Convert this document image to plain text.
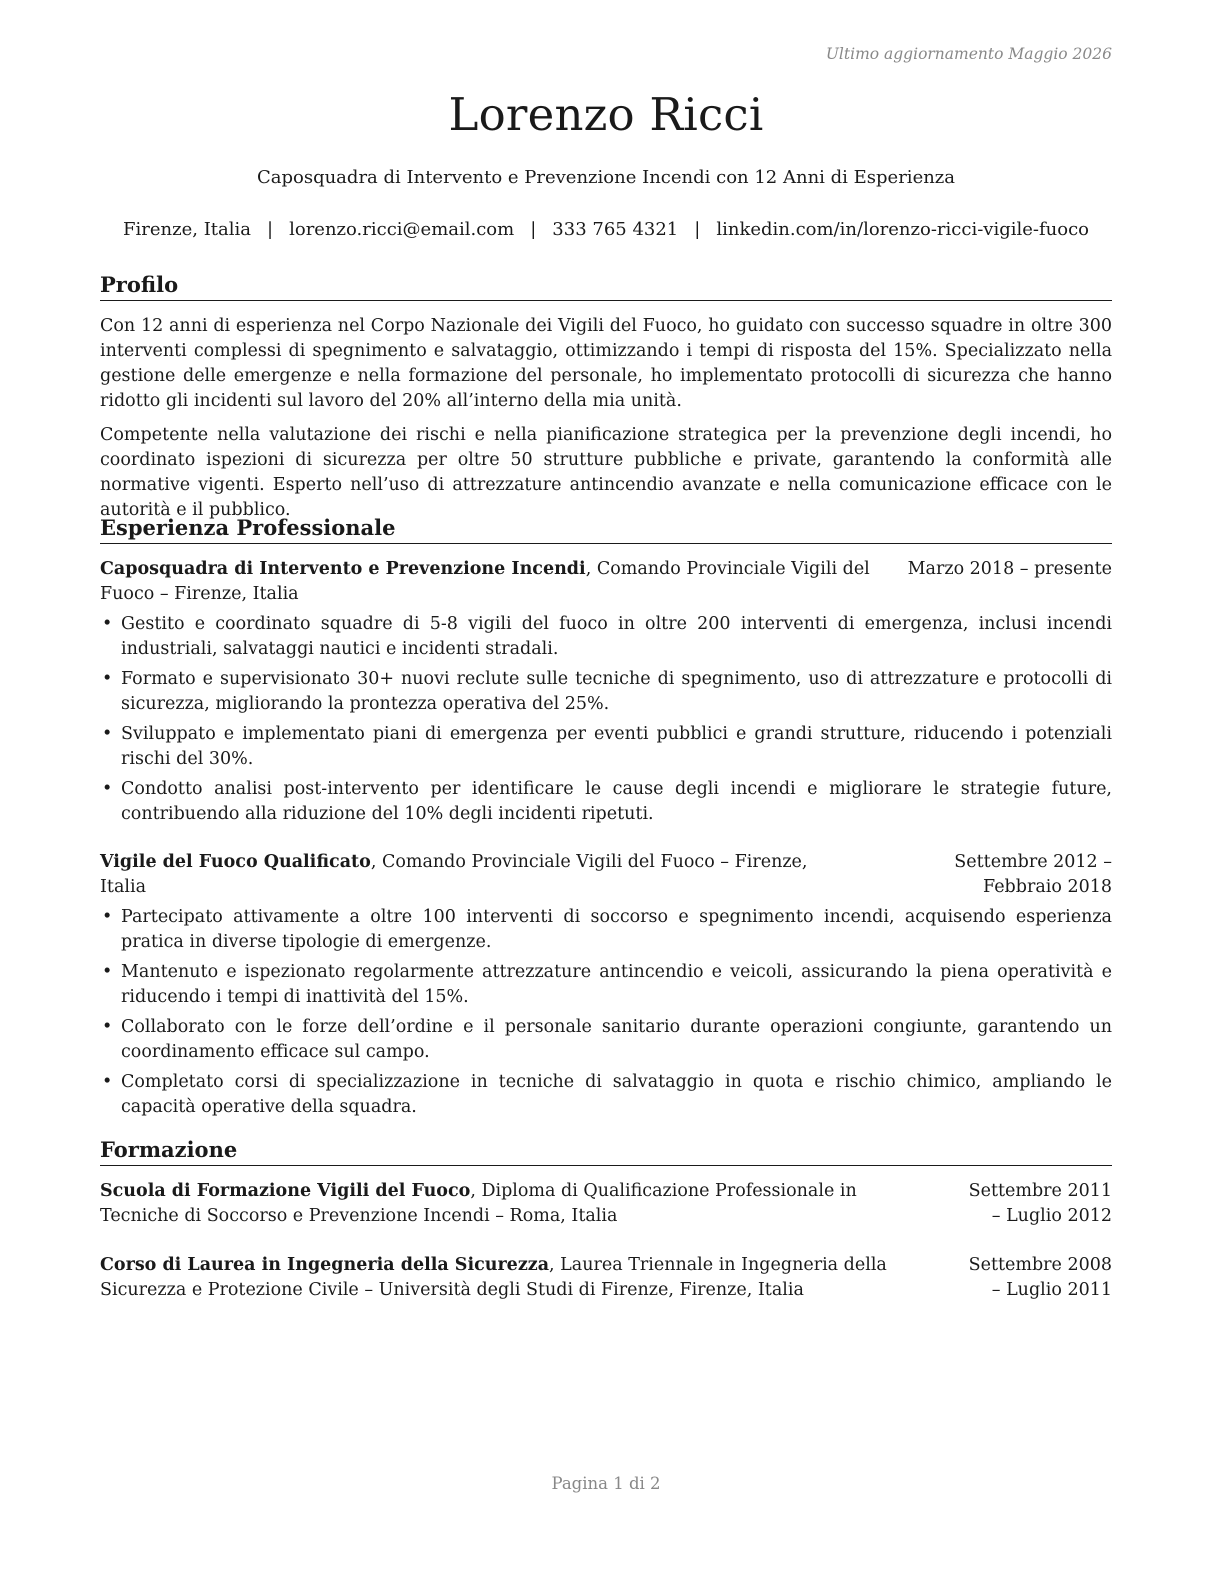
Ultimo aggiornamento Maggio 2026
Lorenzo Ricci
Caposquadra di Intervento e Prevenzione Incendi con 12 Anni di Esperienza
Firenze, Italia | lorenzo.ricci@email.com | 333 765 4321 | linkedin.com/in/lorenzo-ricci-vigile-fuoco
Profilo

Con 12 anni di esperienza nel Corpo Nazionale dei Vigili del Fuoco, ho guidato con successo squadre in oltre 300 interventi complessi di spegnimento e salvataggio, ottimizzando i tempi di risposta del 15%. Specializzato nella gestione delle emergenze e nella formazione del personale, ho implementato protocolli di sicurezza che hanno ridotto gli incidenti sul lavoro del 20% all’interno della mia unità.

Competente nella valutazione dei rischi e nella pianificazione strategica per la prevenzione degli incendi, ho coordinato ispezioni di sicurezza per oltre 50 strutture pubbliche e private, garantendo la conformità alle normative vigenti. Esperto nell’uso di attrezzature antincendio avanzate e nella comunicazione efficace con le autorità e il pubblico.

Esperienza Professionale
Marzo 2018 – presente
Caposquadra di Intervento e Prevenzione Incendi, Comando Provinciale Vigili del Fuoco – Firenze, Italia
• Gestito e coordinato squadre di 5-8 vigili del fuoco in oltre 200 interventi di emergenza, inclusi incendi industriali, salvataggi nautici e incidenti stradali.
• Formato e supervisionato 30+ nuovi reclute sulle tecniche di spegnimento, uso di attrezzature e protocolli di sicurezza, migliorando la prontezza operativa del 25%.
• Sviluppato e implementato piani di emergenza per eventi pubblici e grandi strutture, riducendo i potenziali rischi del 30%.
• Condotto analisi post-intervento per identificare le cause degli incendi e migliorare le strategie future, contribuendo alla riduzione del 10% degli incidenti ripetuti.
Settembre 2012 – Febbraio 2018
Vigile del Fuoco Qualificato, Comando Provinciale Vigili del Fuoco – Firenze, Italia
• Partecipato attivamente a oltre 100 interventi di soccorso e spegnimento incendi, acquisendo esperienza pratica in diverse tipologie di emergenze.
• Mantenuto e ispezionato regolarmente attrezzature antincendio e veicoli, assicurando la piena operatività e riducendo i tempi di inattività del 15%.
• Collaborato con le forze dell’ordine e il personale sanitario durante operazioni congiunte, garantendo un coordinamento efficace sul campo.
• Completato corsi di specializzazione in tecniche di salvataggio in quota e rischio chimico, ampliando le capacità operative della squadra.
Formazione
Settembre 2011 – Luglio 2012
Scuola di Formazione Vigili del Fuoco, Diploma di Qualificazione Professionale in Tecniche di Soccorso e Prevenzione Incendi – Roma, Italia
Settembre 2008 – Luglio 2011
Corso di Laurea in Ingegneria della Sicurezza, Laurea Triennale in Ingegneria della Sicurezza e Protezione Civile – Università degli Studi di Firenze, Firenze, Italia
Pagina 1 di 2
